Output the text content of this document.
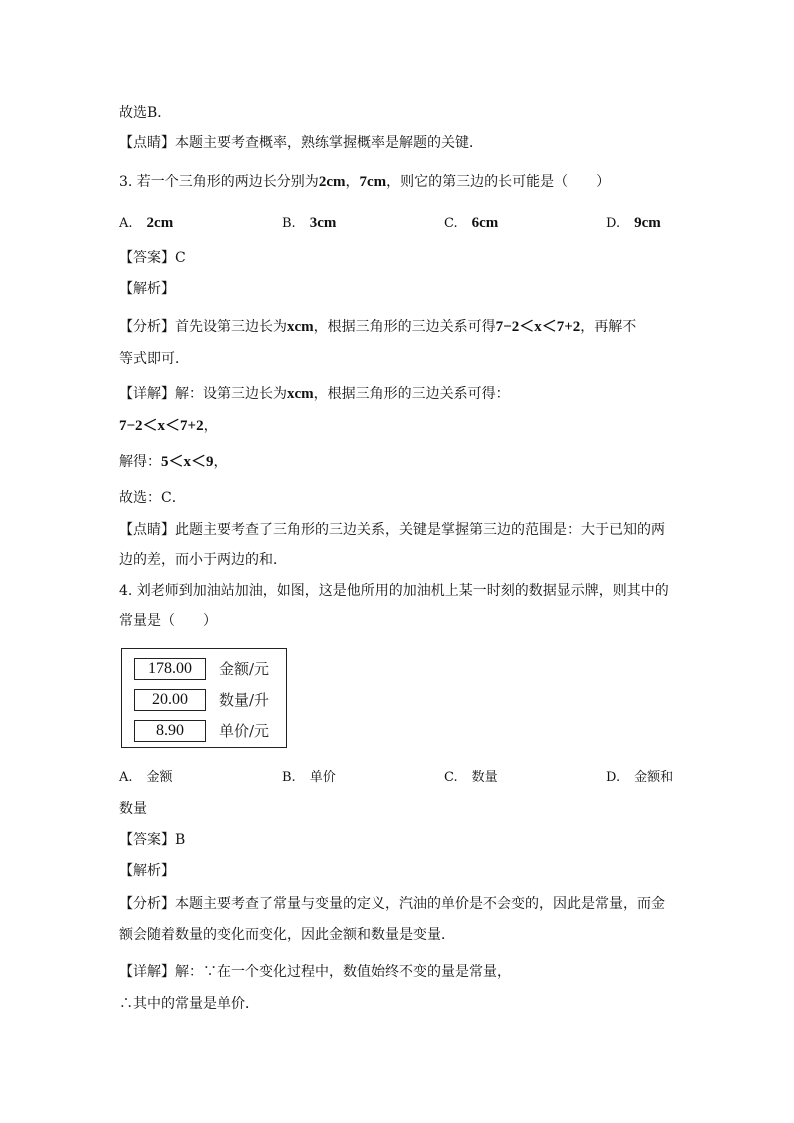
故选B．
【点睛】本题主要考查概率，熟练掌握概率是解题的关键．
3. 若一个三角形的两边长分别为2cm，7cm，则它的第三边的长可能是（　　）
A. 2cm	B. 3cm	C. 6cm	D. 9cm
【答案】C
【解析】
【分析】首先设第三边长为xcm，根据三角形的三边关系可得7−2＜x＜7+2，再解不
等式即可．
【详解】解：设第三边长为xcm，根据三角形的三边关系可得：
7−2＜x＜7+2，
解得：5＜x＜9，
故选：C．
【点睛】此题主要考查了三角形的三边关系，关键是掌握第三边的范围是：大于已知的两
边的差，而小于两边的和．
4. 刘老师到加油站加油，如图，这是他所用的加油机上某一时刻的数据显示牌，则其中的
常量是（　　）
178.00	金额/元
20.00	数量/升
8.90	单价/元
A. 金额	B. 单价	C. 数量	D. 金额和
数量
【答案】B
【解析】
【分析】本题主要考查了常量与变量的定义，汽油的单价是不会变的，因此是常量，而金
额会随着数量的变化而变化，因此金额和数量是变量．
【详解】解：∵在一个变化过程中，数值始终不变的量是常量，
∴其中的常量是单价．
